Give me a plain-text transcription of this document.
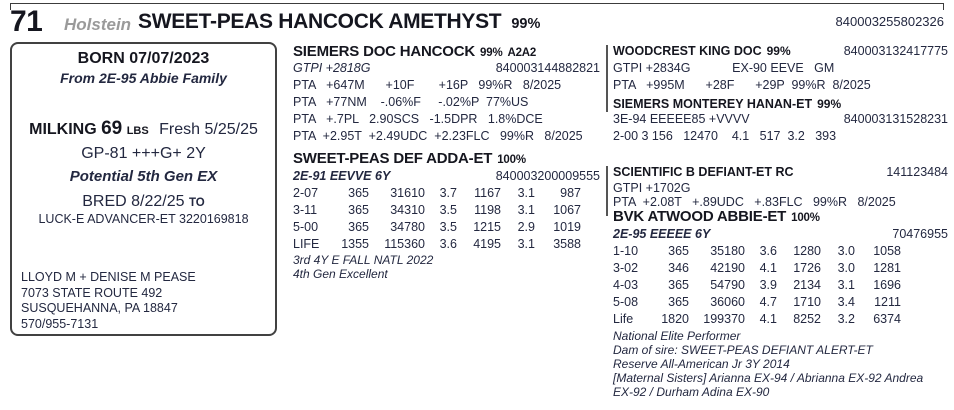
71 Holstein SWEET-PEAS HANCOCK AMETHYST 99%	840003255802326
BORN 07/07/2023
From 2E-95 Abbie Family
MILKING 69 LBS Fresh 5/25/25
GP-81 +++G+ 2Y
Potential 5th Gen EX
BRED 8/22/25 TO
LUCK-E ADVANCER-ET 3220169818
LLOYD M + DENISE M PEASE
7073 STATE ROUTE 492
SUSQUEHANNA, PA 18847
570/955-7131
SIEMERS DOC HANCOCK 99% A2A2
GTPI +2818G	840003144882821
PTA   +647M      +10F       +16P   99%R   8/2025
PTA   +77NM    -.06%F     -.02%P  77%US
PTA   +.7PL   2.90SCS   -1.5DPR   1.8%DCE
PTA  +2.95T  +2.49UDC  +2.23FLC   99%R   8/2025
SWEET-PEAS DEF ADDA-ET 100%
2E-91 EEVVE 6Y	840003200009555
2-07	365	31610	3.7	1167	3.1	987
3-11	365	34310	3.5	1198	3.1	1067
5-00	365	34780	3.5	1215	2.9	1019
LIFE	1355	115360	3.6	4195	3.1	3588
3rd 4Y E FALL NATL 2022
4th Gen Excellent
WOODCREST KING DOC 99%	840003132417775
GTPI +2834G            EX-90 EEVE   GM
PTA   +995M      +28F      +29P  99%R  8/2025
SIEMERS MONTEREY HANAN-ET 99%
3E-94 EEEEE85 +VVVV	840003131528231
2-00 3 156   12470    4.1   517  3.2   393
SCIENTIFIC B DEFIANT-ET RC	141123484
GTPI +1702G
PTA  +2.08T   +.89UDC   +.83FLC   99%R   8/2025
BVK ATWOOD ABBIE-ET 100%
2E-95 EEEEE 6Y	70476955
1-10	365	35180	3.6	1280	3.0	1058
3-02	346	42190	4.1	1726	3.0	1281
4-03	365	54790	3.9	2134	3.1	1696
5-08	365	36060	4.7	1710	3.4	1211
Life	1820	199370	4.1	8252	3.2	6374
National Elite Performer
Dam of sire: SWEET-PEAS DEFIANT ALERT-ET
Reserve All-American Jr 3Y 2014
[Maternal Sisters] Arianna EX-94 / Abrianna EX-92 Andrea
EX-92 / Durham Adina EX-90
